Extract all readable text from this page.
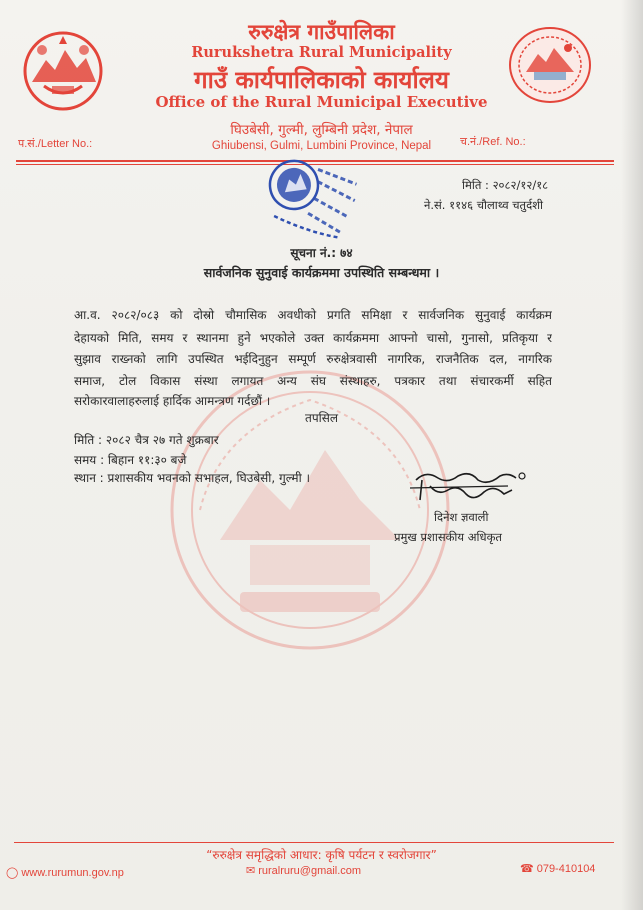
रुरुक्षेत्र गाउँपालिका
Rurukshetra Rural Municipality
गाउँ कार्यपालिकाको कार्यालय
Office of the Rural Municipal Executive
घिउबेसी, गुल्मी, लुम्बिनी प्रदेश, नेपाल
Ghiubensi, Gulmi, Lumbini Province, Nepal
प.सं./Letter No.:	च.नं./Ref. No.:
मिति : २०८२/१२/१८
ने.सं. ११४६ चौलाथ्व चतुर्दशी
सूचना नं.: ७४
सार्वजनिक सुनुवाई कार्यक्रममा उपस्थिति सम्बन्धमा ।
आ.व. २०८२/०८३ को दोस्रो चौमासिक अवधीको प्रगति समिक्षा र सार्वजनिक सुनुवाई कार्यक्रम
देहायको मिति, समय र स्थानमा हुने भएकोले उक्त कार्यक्रममा आफ्नो चासो, गुनासो, प्रतिकृया र
सुझाव राख्नको लागि उपस्थित भईदिनुहुन सम्पूर्ण रुरुक्षेत्रवासी नागरिक, राजनैतिक दल, नागरिक
समाज, टोल विकास संस्था लगायत अन्य संघ संस्थाहरु, पत्रकार तथा संचारकर्मी सहित
सरोकारवालाहरुलाई हार्दिक आमन्त्रण गर्दछौं ।
तपसिल
मिति : २०८२ चैत्र २७ गते शुक्रबार
समय : बिहान ११:३० बजे
स्थान : प्रशासकीय भवनको सभाहल, घिउबेसी, गुल्मी ।
दिनेश ज्ञवाली
प्रमुख प्रशासकीय अधिकृत
“रुरुक्षेत्र समृद्धिको आधार: कृषि पर्यटन र स्वरोजगार”
◯ www.rurumun.gov.np	✉ ruralruru@gmail.com	☎ 079-410104
